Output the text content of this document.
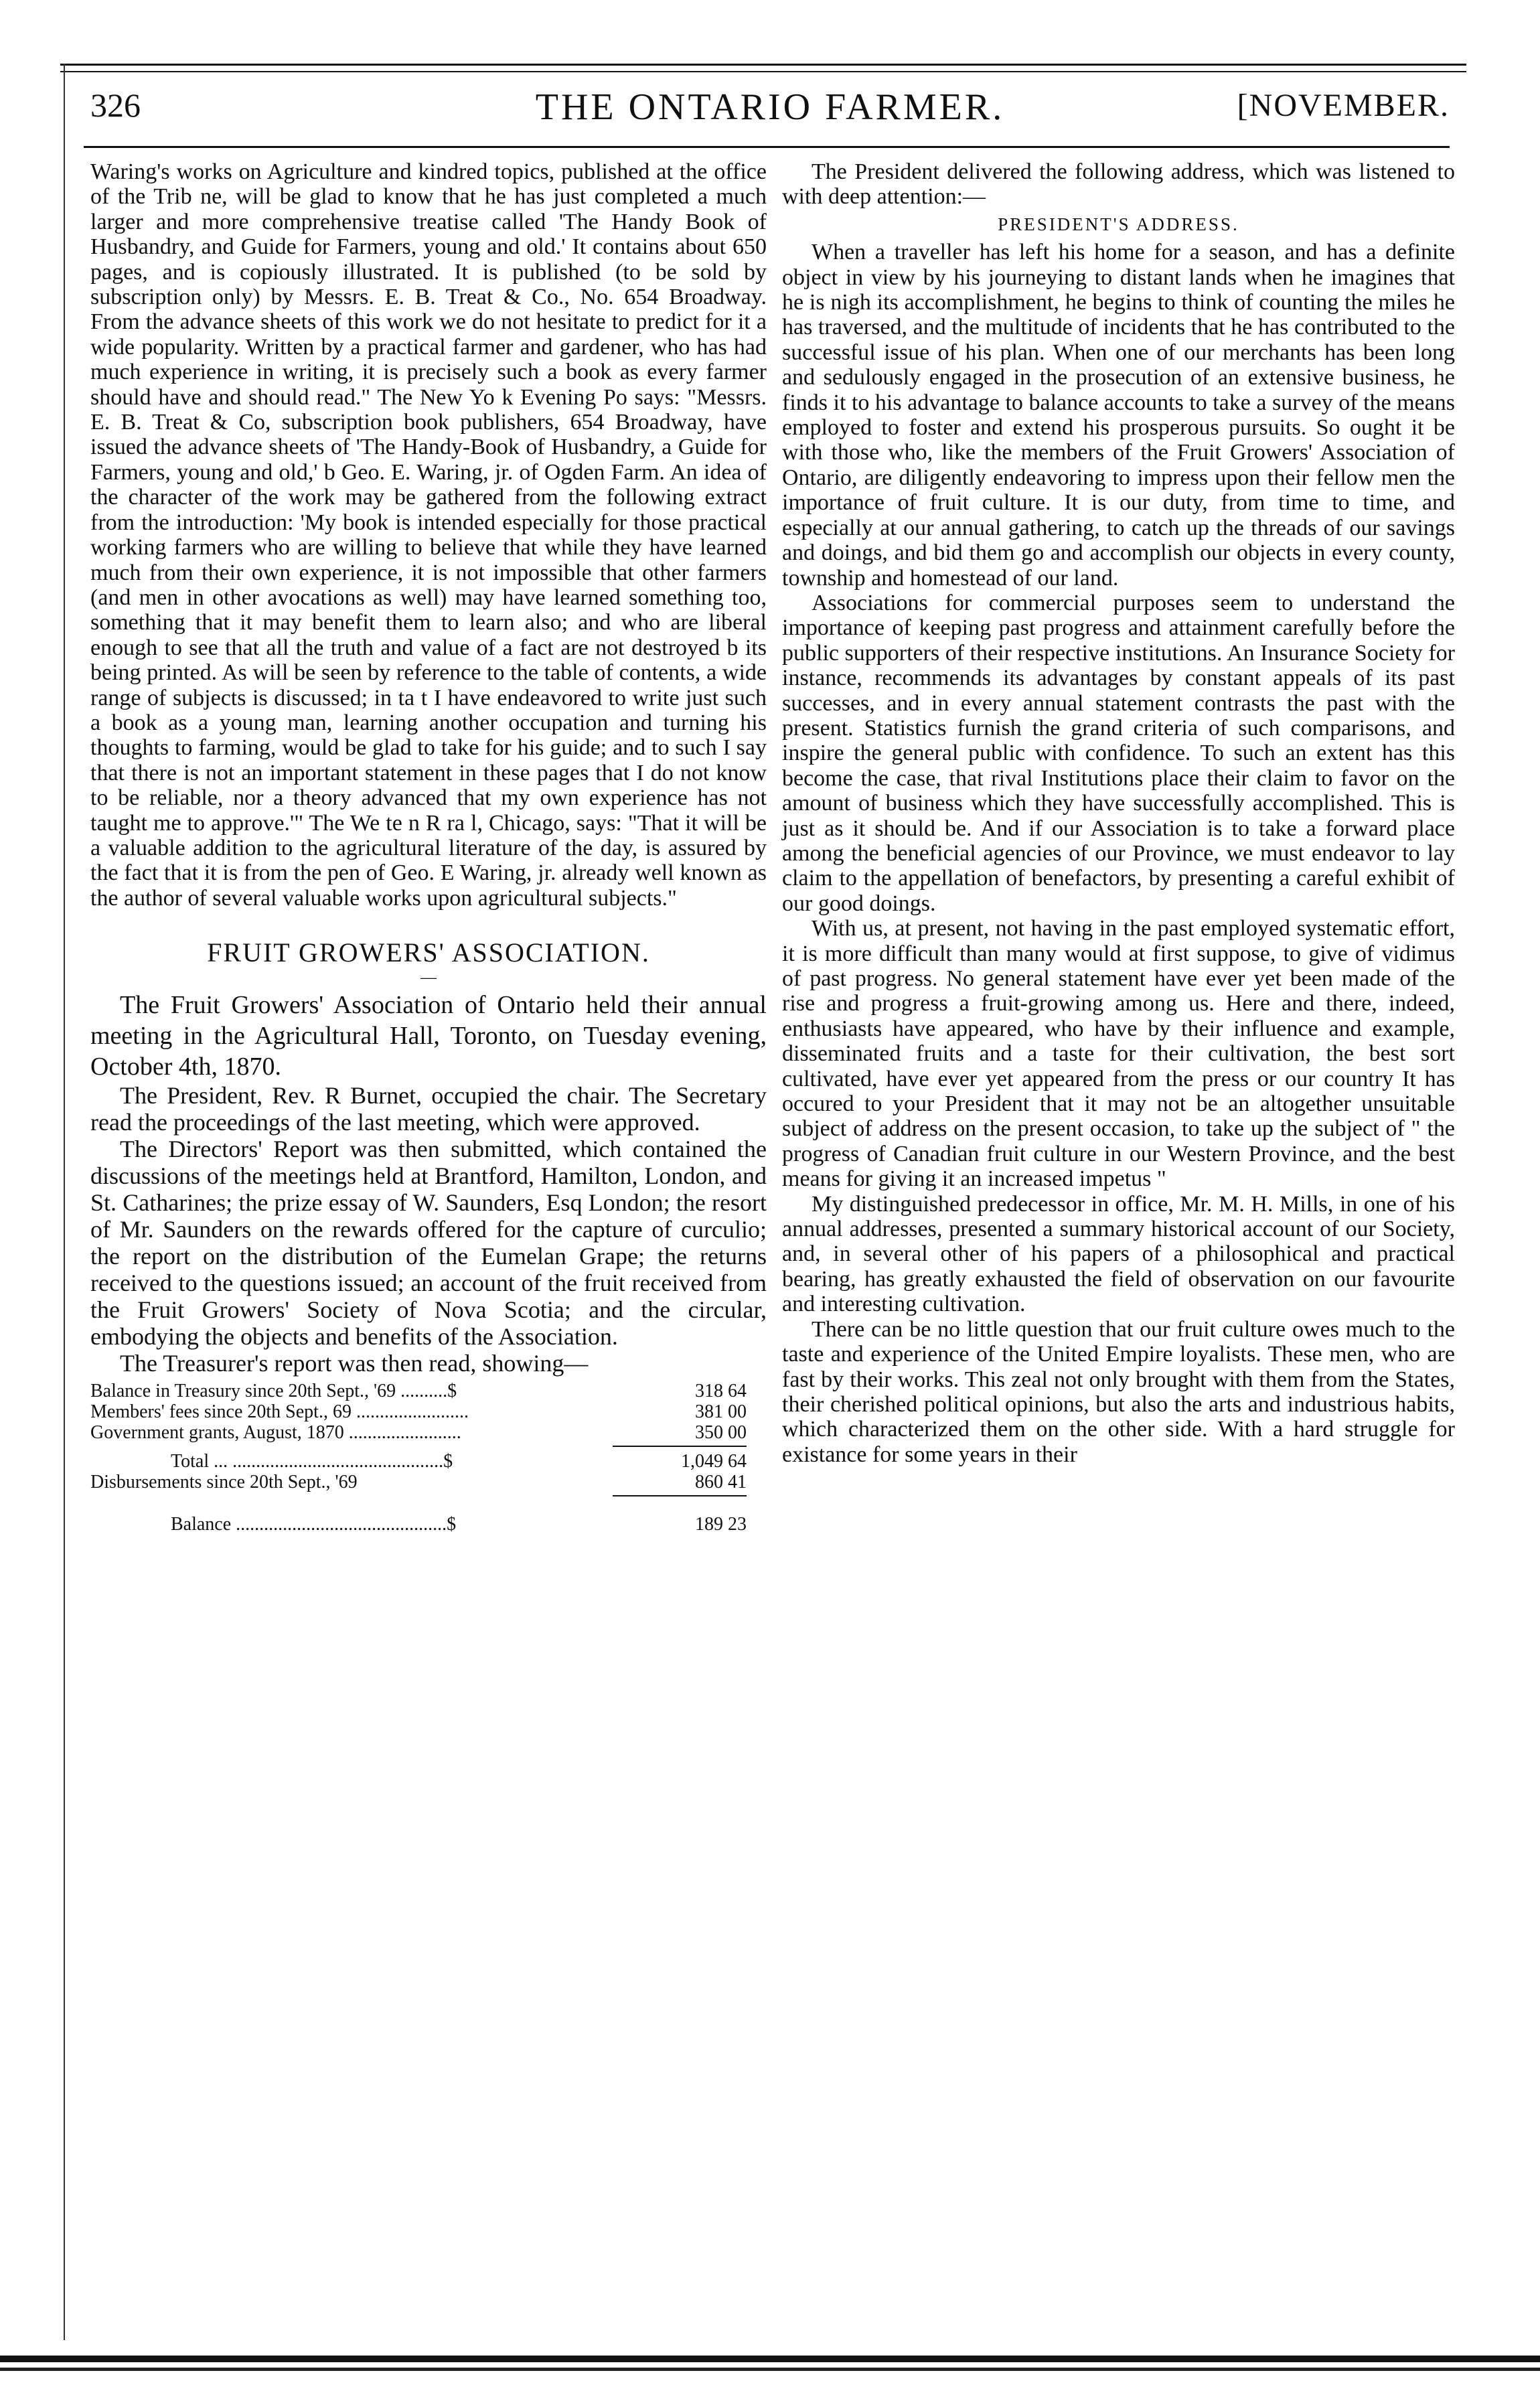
THE ONTARIO FARMER.
326	[NOVEMBER.

Waring's works on Agriculture and kindred topics, published at the office of the Trib ne, will be glad to know that he has just completed a much larger and more comprehensive treatise called 'The Handy Book of Husbandry, and Guide for Farmers, young and old.' It contains about 650 pages, and is copiously illustrated. It is published (to be sold by subscription only) by Messrs. E. B. Treat & Co., No. 654 Broadway. From the advance sheets of this work we do not hesitate to predict for it a wide popularity. Written by a practical farmer and gardener, who has had much experience in writing, it is precisely such a book as every farmer should have and should read." The New Yo k Evening Po says: "Messrs. E. B. Treat & Co, subscription book publishers, 654 Broadway, have issued the advance sheets of 'The Handy-Book of Husbandry, a Guide for Farmers, young and old,' b Geo. E. Waring, jr. of Ogden Farm. An idea of the character of the work may be gathered from the following extract from the introduction: 'My book is intended especially for those practical working farmers who are willing to believe that while they have learned much from their own experience, it is not impossible that other farmers (and men in other avocations as well) may have learned something too, something that it may benefit them to learn also; and who are liberal enough to see that all the truth and value of a fact are not destroyed b its being printed. As will be seen by reference to the table of contents, a wide range of subjects is discussed; in ta t I have endeavored to write just such a book as a young man, learning another occupation and turning his thoughts to farming, would be glad to take for his guide; and to such I say that there is not an important statement in these pages that I do not know to be reliable, nor a theory advanced that my own experience has not taught me to approve.'" The We te n R ra l, Chicago, says: "That it will be a valuable addition to the agricultural literature of the day, is assured by the fact that it is from the pen of Geo. E Waring, jr. already well known as the author of several valuable works upon agricultural subjects."

FRUIT GROWERS' ASSOCIATION.
—

The Fruit Growers' Association of Ontario held their annual meeting in the Agricultural Hall, Toronto, on Tuesday evening, October 4th, 1870.

The President, Rev. R Burnet, occupied the chair. The Secretary read the proceedings of the last meeting, which were approved.

The Directors' Report was then submitted, which contained the discussions of the meetings held at Brantford, Hamilton, London, and St. Catharines; the prize essay of W. Saunders, Esq London; the resort of Mr. Saunders on the rewards offered for the capture of curculio; the report on the distribution of the Eumelan Grape; the returns received to the questions issued; an account of the fruit received from the Fruit Growers' Society of Nova Scotia; and the circular, embodying the objects and benefits of the Association.

The Treasurer's report was then read, showing—

Balance in Treasury since 20th Sept., '69 ..........$	318 64
Members' fees since 20th Sept., 69 ........................	381 00
Government grants, August, 1870 ........................	350 00
Total ... .............................................$	1,049 64
Disbursements since 20th Sept., '69	860 41
Balance .............................................$	189 23

The President delivered the following address, which was listened to with deep attention:—

PRESIDENT'S ADDRESS.

When a traveller has left his home for a season, and has a definite object in view by his journeying to distant lands when he imagines that he is nigh its accomplishment, he begins to think of counting the miles he has traversed, and the multitude of incidents that he has contributed to the successful issue of his plan. When one of our merchants has been long and sedulously engaged in the prosecution of an extensive business, he finds it to his advantage to balance accounts to take a survey of the means employed to foster and extend his prosperous pursuits. So ought it be with those who, like the members of the Fruit Growers' Association of Ontario, are diligently endeavoring to impress upon their fellow men the importance of fruit culture. It is our duty, from time to time, and especially at our annual gathering, to catch up the threads of our savings and doings, and bid them go and accomplish our objects in every county, township and homestead of our land.

Associations for commercial purposes seem to understand the importance of keeping past progress and attainment carefully before the public supporters of their respective institutions. An Insurance Society for instance, recommends its advantages by constant appeals of its past successes, and in every annual statement contrasts the past with the present. Statistics furnish the grand criteria of such comparisons, and inspire the general public with confidence. To such an extent has this become the case, that rival Institutions place their claim to favor on the amount of business which they have successfully accomplished. This is just as it should be. And if our Association is to take a forward place among the beneficial agencies of our Province, we must endeavor to lay claim to the appellation of benefactors, by presenting a careful exhibit of our good doings.

With us, at present, not having in the past employed systematic effort, it is more difficult than many would at first suppose, to give of vidimus of past progress. No general statement have ever yet been made of the rise and progress a fruit-growing among us. Here and there, indeed, enthusiasts have appeared, who have by their influence and example, disseminated fruits and a taste for their cultivation, the best sort cultivated, have ever yet appeared from the press or our country It has occured to your President that it may not be an altogether unsuitable subject of address on the present occasion, to take up the subject of " the progress of Canadian fruit culture in our Western Province, and the best means for giving it an increased impetus "

My distinguished predecessor in office, Mr. M. H. Mills, in one of his annual addresses, presented a summary historical account of our Society, and, in several other of his papers of a philosophical and practical bearing, has greatly exhausted the field of observation on our favourite and interesting cultivation.

There can be no little question that our fruit culture owes much to the taste and experience of the United Empire loyalists. These men, who are fast by their works. This zeal not only brought with them from the States, their cherished political opinions, but also the arts and industrious habits, which characterized them on the other side. With a hard struggle for existance for some years in their
